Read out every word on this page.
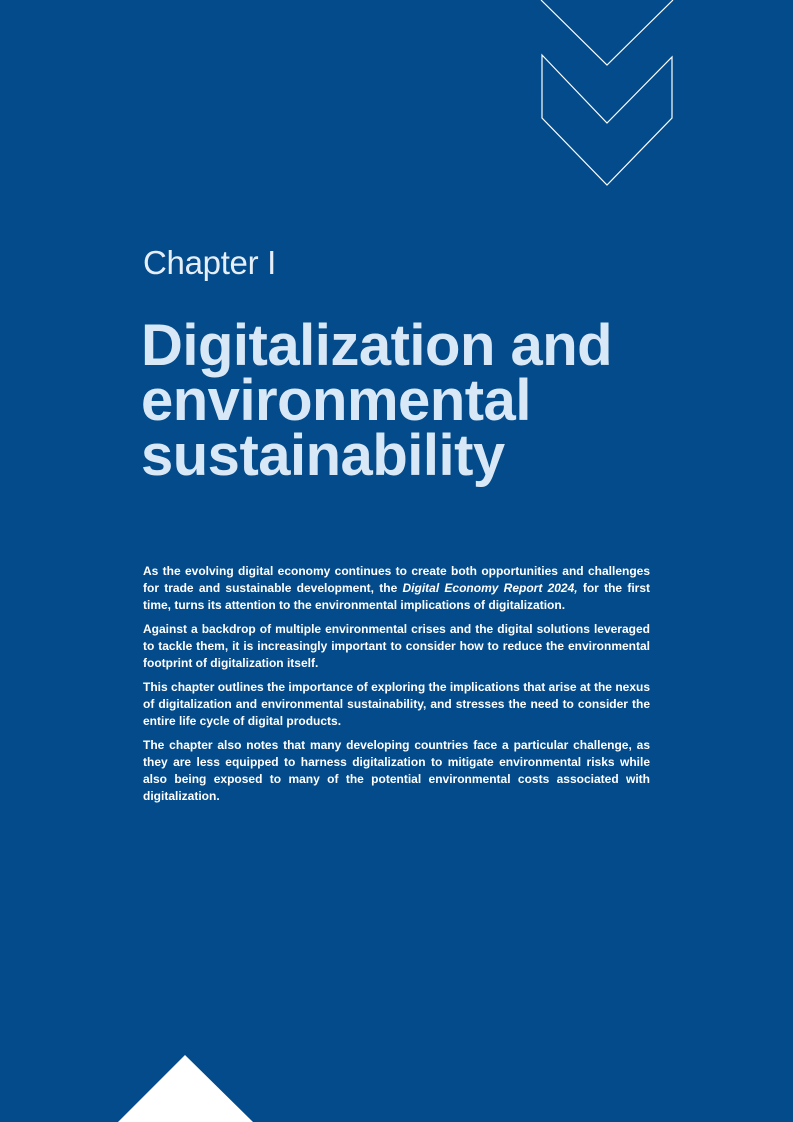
Chapter I
Digitalization and
environmental
sustainability

As the evolving digital economy continues to create both opportunities and challenges for trade and sustainable development, the Digital Economy Report 2024, for the first time, turns its attention to the environmental implications of digitalization.

Against a backdrop of multiple environmental crises and the digital solutions leveraged to tackle them, it is increasingly important to consider how to reduce the environmental footprint of digitalization itself.

This chapter outlines the importance of exploring the implications that arise at the nexus of digitalization and environmental sustainability, and stresses the need to consider the entire life cycle of digital products.

The chapter also notes that many developing countries face a particular challenge, as they are less equipped to harness digitalization to mitigate environmental risks while also being exposed to many of the potential environmental costs associated with digitalization.
